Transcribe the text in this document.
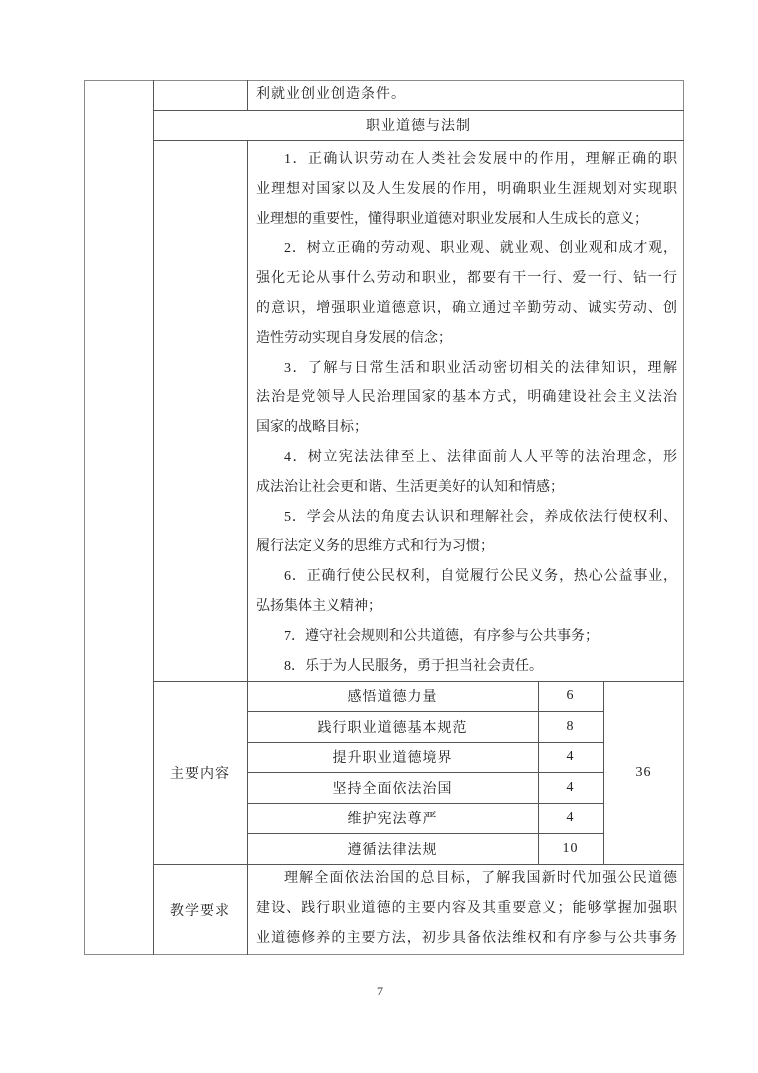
利就业创业创造条件。
职业道德与法制
1．正确认识劳动在人类社会发展中的作用，理解正确的职
业理想对国家以及人生发展的作用，明确职业生涯规划对实现职
业理想的重要性，懂得职业道德对职业发展和人生成长的意义；
2．树立正确的劳动观、职业观、就业观、创业观和成才观，
强化无论从事什么劳动和职业，都要有干一行、爱一行、钻一行
的意识，增强职业道德意识，确立通过辛勤劳动、诚实劳动、创
造性劳动实现自身发展的信念；
3．了解与日常生活和职业活动密切相关的法律知识，理解
法治是党领导人民治理国家的基本方式，明确建设社会主义法治
国家的战略目标；
4．树立宪法法律至上、法律面前人人平等的法治理念，形
成法治让社会更和谐、生活更美好的认知和情感；
5．学会从法的角度去认识和理解社会，养成依法行使权利、
履行法定义务的思维方式和行为习惯；
6．正确行使公民权利，自觉履行公民义务，热心公益事业，
弘扬集体主义精神；
7．遵守社会规则和公共道德，有序参与公共事务；
8．乐于为人民服务，勇于担当社会责任。
主要内容
感悟道德力量	6
践行职业道德基本规范	8
提升职业道德境界	4
坚持全面依法治国	4
维护宪法尊严	4
遵循法律法规	10
36
教学要求
理解全面依法治国的总目标，了解我国新时代加强公民道德
建设、践行职业道德的主要内容及其重要意义；能够掌握加强职
业道德修养的主要方法，初步具备依法维权和有序参与公共事务
7
